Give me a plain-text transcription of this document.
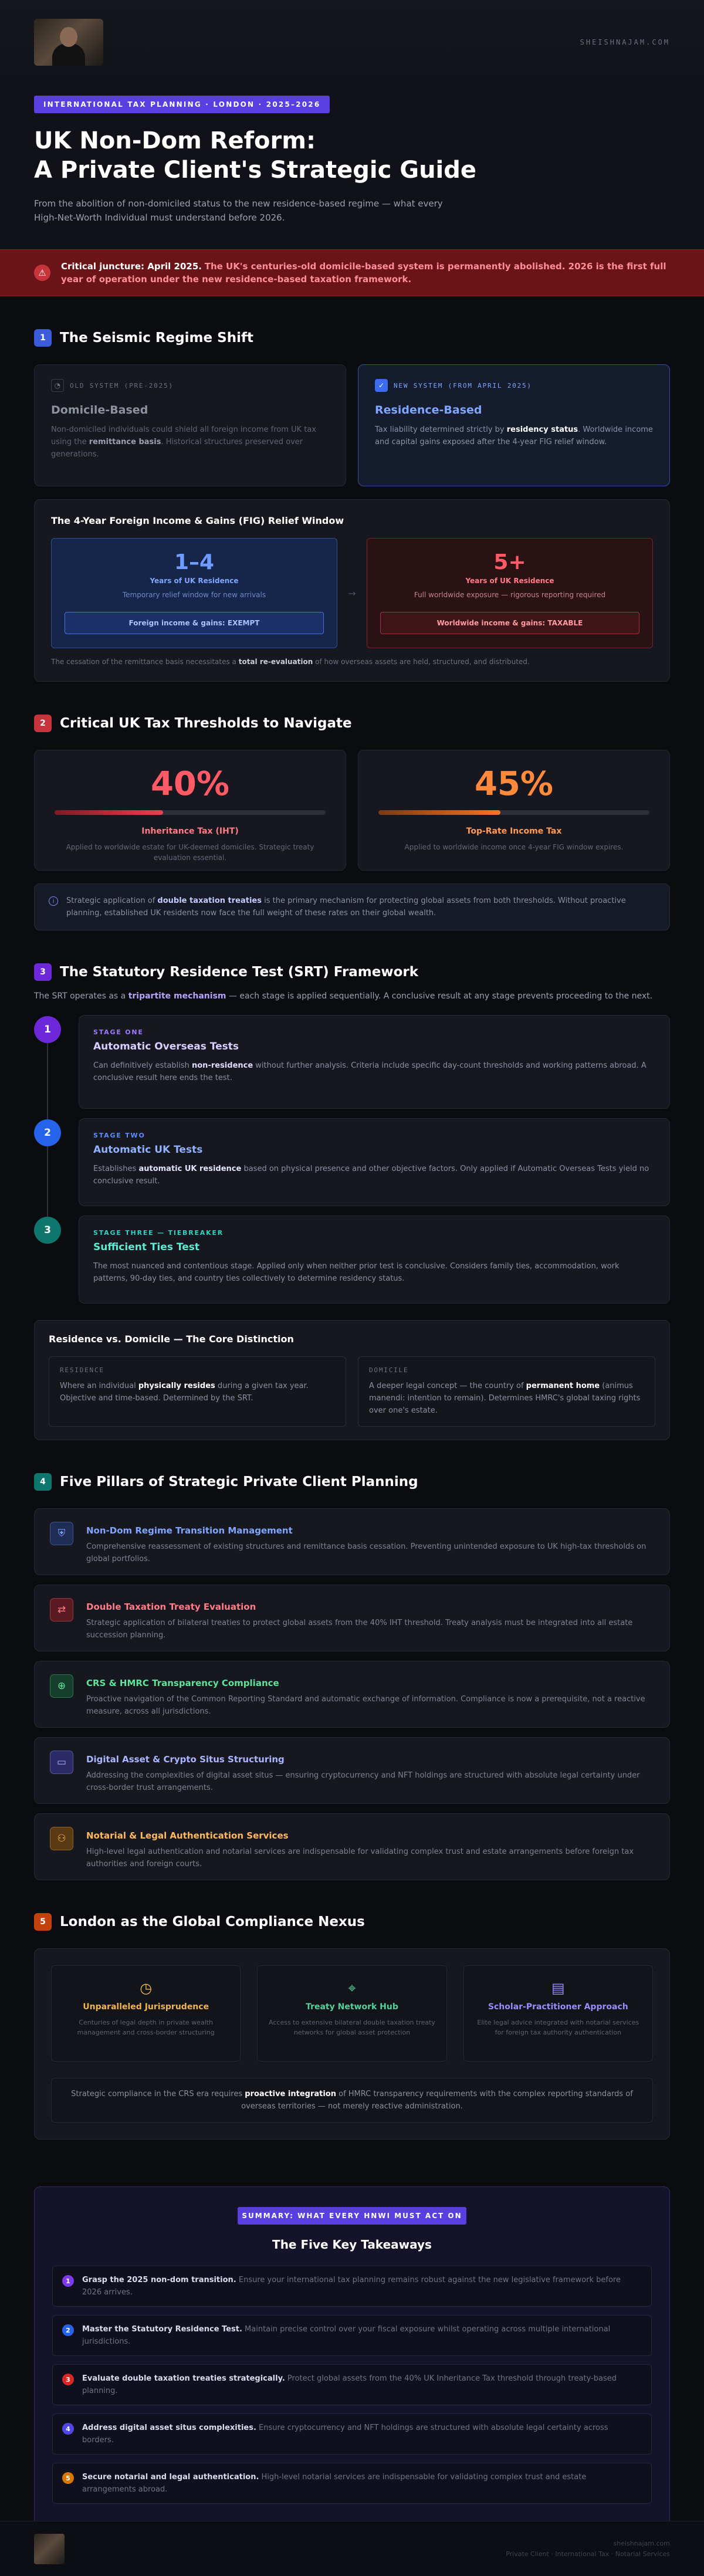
SHEISHNAJAM.COM
INTERNATIONAL TAX PLANNING · LONDON · 2025–2026
UK Non-Dom Reform:
A Private Client's Strategic Guide
From the abolition of non-domiciled status to the new residence-based regime — what every High-Net-Worth Individual must understand before 2026.
⚠
Critical juncture: April 2025. The UK's centuries-old domicile-based system is permanently abolished. 2026 is the first full year of operation under the new residence-based taxation framework.
1	The Seismic Regime Shift
◔	OLD SYSTEM (PRE-2025)
Domicile-Based
Non-domiciled individuals could shield all foreign income from UK tax using the remittance basis. Historical structures preserved over generations.
✓	NEW SYSTEM (FROM APRIL 2025)
Residence-Based
Tax liability determined strictly by residency status. Worldwide income and capital gains exposed after the 4-year FIG relief window.
The 4-Year Foreign Income & Gains (FIG) Relief Window
1–4
Years of UK Residence
Temporary relief window for new arrivals
Foreign income & gains: EXEMPT
→
5+
Years of UK Residence
Full worldwide exposure — rigorous reporting required
Worldwide income & gains: TAXABLE
The cessation of the remittance basis necessitates a total re-evaluation of how overseas assets are held, structured, and distributed.
2	Critical UK Tax Thresholds to Navigate
40%
Inheritance Tax (IHT)
Applied to worldwide estate for UK-deemed domiciles. Strategic treaty evaluation essential.
45%
Top-Rate Income Tax
Applied to worldwide income once 4-year FIG window expires.
i	Strategic application of double taxation treaties is the primary mechanism for protecting global assets from both thresholds. Without proactive planning, established UK residents now face the full weight of these rates on their global wealth.
3	The Statutory Residence Test (SRT) Framework
The SRT operates as a tripartite mechanism — each stage is applied sequentially. A conclusive result at any stage prevents proceeding to the next.
1	STAGE ONE
Automatic Overseas Tests
Can definitively establish non-residence without further analysis. Criteria include specific day-count thresholds and working patterns abroad. A conclusive result here ends the test.
2	STAGE TWO
Automatic UK Tests
Establishes automatic UK residence based on physical presence and other objective factors. Only applied if Automatic Overseas Tests yield no conclusive result.
3	STAGE THREE — TIEBREAKER
Sufficient Ties Test
The most nuanced and contentious stage. Applied only when neither prior test is conclusive. Considers family ties, accommodation, work patterns, 90-day ties, and country ties collectively to determine residency status.
Residence vs. Domicile — The Core Distinction
RESIDENCE
Where an individual physically resides during a given tax year. Objective and time-based. Determined by the SRT.
DOMICILE
A deeper legal concept — the country of permanent home (animus manendi: intention to remain). Determines HMRC's global taxing rights over one's estate.
4	Five Pillars of Strategic Private Client Planning
⛨	Non-Dom Regime Transition Management
Comprehensive reassessment of existing structures and remittance basis cessation. Preventing unintended exposure to UK high-tax thresholds on global portfolios.
⇄	Double Taxation Treaty Evaluation
Strategic application of bilateral treaties to protect global assets from the 40% IHT threshold. Treaty analysis must be integrated into all estate succession planning.
⊕	CRS & HMRC Transparency Compliance
Proactive navigation of the Common Reporting Standard and automatic exchange of information. Compliance is now a prerequisite, not a reactive measure, across all jurisdictions.
▭	Digital Asset & Crypto Situs Structuring
Addressing the complexities of digital asset situs — ensuring cryptocurrency and NFT holdings are structured with absolute legal certainty under cross-border trust arrangements.
⚇	Notarial & Legal Authentication Services
High-level legal authentication and notarial services are indispensable for validating complex trust and estate arrangements before foreign tax authorities and foreign courts.
5	London as the Global Compliance Nexus
◷
Unparalleled Jurisprudence
Centuries of legal depth in private wealth management and cross-border structuring
⌖
Treaty Network Hub
Access to extensive bilateral double taxation treaty networks for global asset protection
▤
Scholar-Practitioner Approach
Elite legal advice integrated with notarial services for foreign tax authority authentication
Strategic compliance in the CRS era requires proactive integration of HMRC transparency requirements with the complex reporting standards of overseas territories — not merely reactive administration.
SUMMARY: WHAT EVERY HNWI MUST ACT ON
The Five Key Takeaways
1	Grasp the 2025 non-dom transition. Ensure your international tax planning remains robust against the new legislative framework before 2026 arrives.
2	Master the Statutory Residence Test. Maintain precise control over your fiscal exposure whilst operating across multiple international jurisdictions.
3	Evaluate double taxation treaties strategically. Protect global assets from the 40% UK Inheritance Tax threshold through treaty-based planning.
4	Address digital asset situs complexities. Ensure cryptocurrency and NFT holdings are structured with absolute legal certainty across borders.
5	Secure notarial and legal authentication. High-level notarial services are indispensable for validating complex trust and estate arrangements abroad.
sheishnajam.com
Private Client · International Tax · Notarial Services
